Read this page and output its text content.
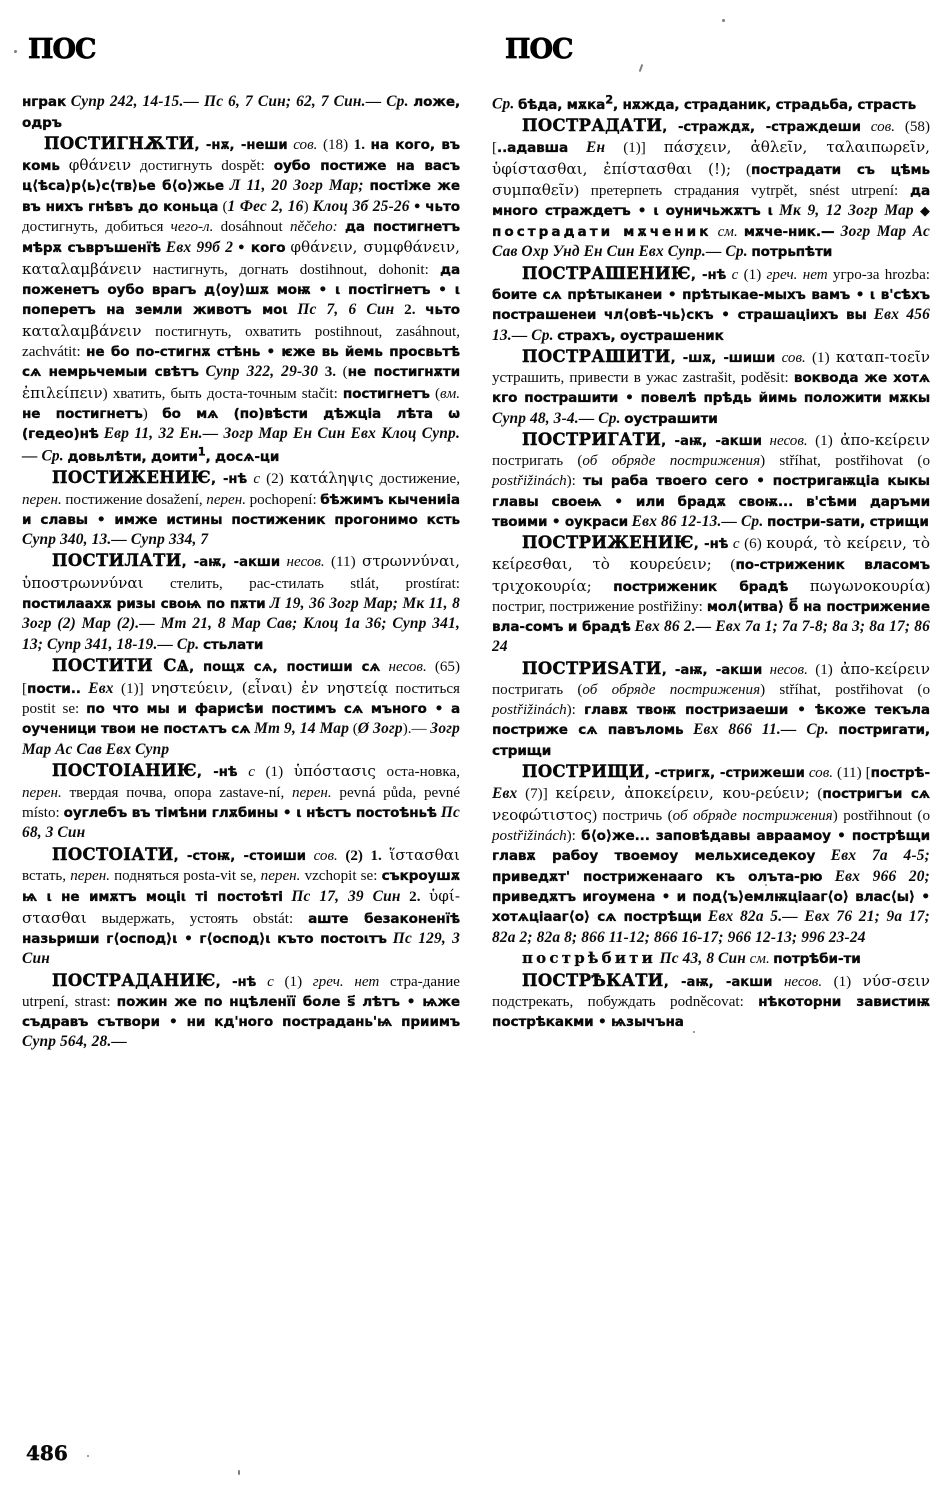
ПОС	ПОС

нграк Супр 242, 14-15.— Пс 6, 7 Син; 62, 7 Син.— Ср. ложе, одръ

ПОСТИГНѪТИ, -нѫ, -неши сов. (18) 1. на кого, въ комь φθάνειν достигнуть dospět: оубо постиже на васъ ц⟨ѣса⟩р⟨ь⟩с⟨тв⟩ье б⟨о⟩жье Л 11, 20 Зогр Мар; постіже же въ нихъ гнѣвъ до коньца (1 Фес 2, 16) Клоц 3б 25-26 ● чьто достигнуть, добиться чего-л. dosáhnout něčeho: да постигнетъ мѣрѫ съвръшенїѣ Евх 99б 2 ● кого φθάνειν, συμφθάνειν, καταλαμβάνειν настигнуть, догнать dostihnout, dohonit: да поженетъ оубо врагъ д⟨оу⟩шѫ моѭ • ι постігнетъ • ι поперетъ на земли животъ моι Пс 7, 6 Син 2. чьто καταλαμβάνειν постигнуть, охватить postihnout, zasáhnout, zachvátit: не бо по-стигнѫ стѣнь • ѥже вь йемь просвьтѣ сѧ немрьчемыи свѣтъ Супр 322, 29-30 3. (не постигнѫти ἐπιλείπειν) хватить, быть доста-точным stačit: постигнетъ (вм. не постигнетъ) бо мѧ (по)вѣсти дѣжціа лѣта ѡ (гедео)нѣ Евр 11, 32 Ен.— Зогр Мар Ен Син Евх Клоц Супр.— Ср. довьлѣти, доити$^1$, досѧ-ци

ПОСТИЖЕНИѤ, -нѣ с (2) κατάληψις достижение, перен. постижение dosažení, перен. pochopení: бѣжимъ кычениіа и славы • имже истины постиженик прогонимо ксть Супр 340, 13.— Супр 334, 7

ПОСТИЛАТИ, -аѭ, -акши несов. (11) στρωννύναι, ὑποστρωννύναι стелить, рас-стилать stlát, prostírat: постилаахѫ ризы своѩ по пѫти Л 19, 36 Зогр Мар; Мк 11, 8 Зогр (2) Мар (2).— Мт 21, 8 Мар Сав; Клоц 1а 36; Супр 341, 13; Супр 341, 18-19.— Ср. стьлати

ПОСТИТИ СѦ, пощѫ сѧ, постиши сѧ несов. (65) [пости.. Евх (1)] νηστεύειν, (εἶναι) ἐν νηστείᾳ поститься postit se: по что мы и фарисѣи постимъ сѧ мъного • а оученици твои не постѧтъ сѧ Мт 9, 14 Мар (Ø Зогр).— Зогр Мар Ас Сав Евх Супр

ПОСТОІАНИѤ, -нѣ с (1) ὑπόστασις оста-новка, перен. твердая почва, опора zastave-ní, перен. pevná půda, pevné místo: оуглебъ въ тімѣни глѫбины • ι нѣстъ постоѣньѣ Пс 68, 3 Син

ПОСТОІАТИ, -стоѭ, -стоиши сов. (2) 1. ἵστασθαι встать, перен. подняться posta-vit se, перен. vzchopit se: съкроушѫ ѩ ι не имѫтъ моціι ті постоѣті Пс 17, 39 Син 2. ὑφί-στασθαι выдержать, устоять obstát: аште безаконенїѣ назьриши г⟨оспод⟩ι • г⟨оспод⟩ι къто постоιтъ Пс 129, 3 Син

ПОСТРАДАНИѤ, -нѣ с (1) греч. нет стра-дание utrpení, strast: пожин же по нцѣленїї боле ѕ҃ лѣтъ • ѩже съдравъ сътвори • ни кд'ного пострадань'ѩ приимъ Супр 564, 28.—

Ср. бѣда, мѫка$^2$, нѫжда, страданик, страдьба, страсть

ПОСТРАДАТИ, -страждѫ, -страждеши сов. (58) [..адавша Ен (1)] πάσχειν, ἀθλεῖν, ταλαιπωρεῖν, ὑφίστασθαι, ἐπίστασθαι (!); (пострадати съ цѣмь συμπαθεῖν) претерпеть страдания vytrpět, snést utrpení: да много страждетъ • ι оуничьжѫтъ ι Мк 9, 12 Зогр Мар ◆ пострадати мѫченик см. мѫче-ник.— Зогр Мар Ас Сав Охр Унд Ен Син Евх Супр.— Ср. потрьпѣти

ПОСТРАШЕНИѤ, -нѣ с (1) греч. нет угро-за hrozba: боите сѧ прѣтыканеи • прѣтыкае-мыхъ вамъ • ι в'сѣхъ пострашенеи чл⟨овѣ-чь⟩скъ • страшаціихъ вы Евх 456 13.— Ср. страхъ, оустрашеник

ПОСТРАШИТИ, -шѫ, -шиши сов. (1) καταπ-τοεῖν устрашить, привести в ужас zastrašit, poděsit: воквода же хотѧ кго пострашити • повелѣ прѣдь йимь положити мѫкы Супр 48, 3-4.— Ср. оустрашити

ПОСТРИГАТИ, -аѭ, -акши несов. (1) ἀπο-κείρειν постригать (об обряде пострижения) stříhat, postřihovat (o postřižinách): ты раба твоего сего • постригаѭціа кыкы главы своеѩ • или брадѫ своѭ... в'сѣми даръми твоими • оукраси Евх 86 12-13.— Ср. постри-ѕати, стрищи

ПОСТРИЖЕНИѤ, -нѣ с (6) κουρά, τὸ κείρειν, τὸ κείρεσθαι, τὸ κουρεύειν; (по-стриженик власомъ τριχοκουρία; постриженик брадѣ πωγωνοκουρία) постриг, пострижение postřižiny: мол⟨итва⟩ б҃ на пострижение вла-сомъ и брадѣ Евх 86 2.— Евх 7а 1; 7а 7-8; 8а 3; 8а 17; 86 24

ПОСТРИЅАТИ, -аѭ, -акши несов. (1) ἀπο-κείρειν постригать (об обряде пострижения) stříhat, postřihovat (o postřižinách): главѫ твоѭ постризаеши • ѣкоже текъла постриже сѧ павъломь Евх 866 11.— Ср. постригати, стрищи

ПОСТРИЩИ, -стригѫ, -стрижеши сов. (11) [пострѣ- Евх (7)] κείρειν, ἀποκείρειν, κου-ρεύειν; (постригъи сѧ νεοφώτιστος) постричь (об обряде пострижения) postřihnout (o postřižinách): б⟨о⟩же... заповѣдавы авраамоу • пострѣщи главѫ рабоу твоемоу мельхиседекоу Евх 7а 4-5; приведѫт' постриженааго къ олъта-рю Евх 966 20; приведѫтъ игоумена • и под⟨ъ⟩емлѭціааг⟨о⟩ влас⟨ы⟩ • хотѧціааг⟨о⟩ сѧ пострѣщи Евх 82а 5.— Евх 76 21; 9а 17; 82а 2; 82а 8; 866 11-12; 866 16-17; 966 12-13; 996 23-24

пострѣбити Пс 43, 8 Син см. потрѣби-ти

ПОСТРѢКАТИ, -аѭ, -акши несов. (1) νύσ-σειν подстрекать, побуждать podněcovat: нѣкоторни завистиѭ пострѣкакми • ѩзычъна

486
